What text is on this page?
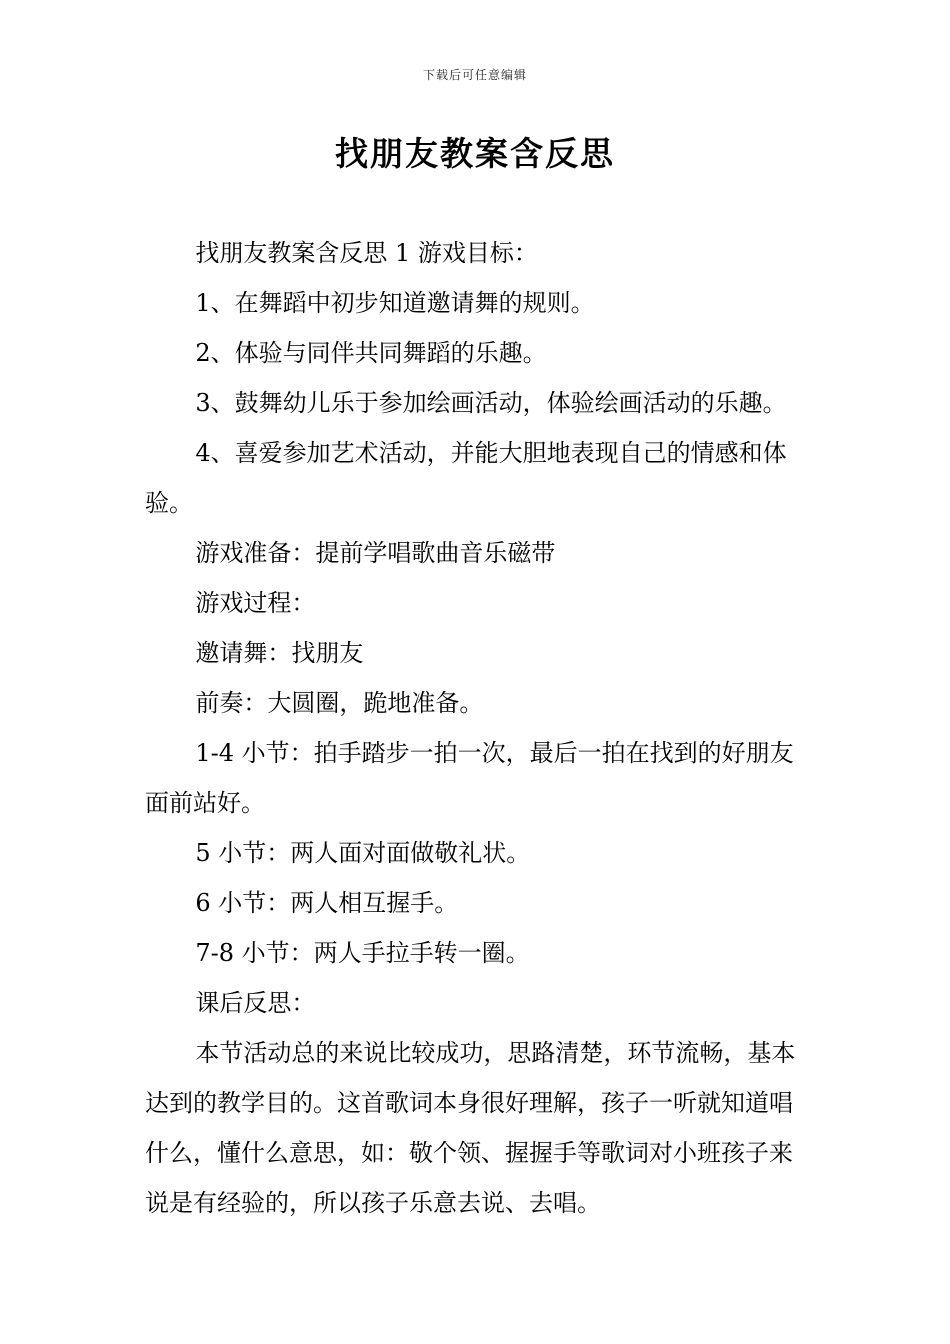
下载后可任意编辑
找朋友教案含反思

找朋友教案含反思 1 游戏目标：

1、在舞蹈中初步知道邀请舞的规则。

2、体验与同伴共同舞蹈的乐趣。

3、鼓舞幼儿乐于参加绘画活动，体验绘画活动的乐趣。

4、喜爱参加艺术活动，并能大胆地表现自己的情感和体验。

游戏准备：提前学唱歌曲音乐磁带

游戏过程：

邀请舞：找朋友

前奏：大圆圈，跪地准备。

1-4 小节：拍手踏步一拍一次，最后一拍在找到的好朋友面前站好。

5 小节：两人面对面做敬礼状。

6 小节：两人相互握手。

7-8 小节：两人手拉手转一圈。

课后反思：

本节活动总的来说比较成功，思路清楚，环节流畅，基本达到的教学目的。这首歌词本身很好理解，孩子一听就知道唱什么，懂什么意思，如：敬个领、握握手等歌词对小班孩子来说是有经验的，所以孩子乐意去说、去唱。
